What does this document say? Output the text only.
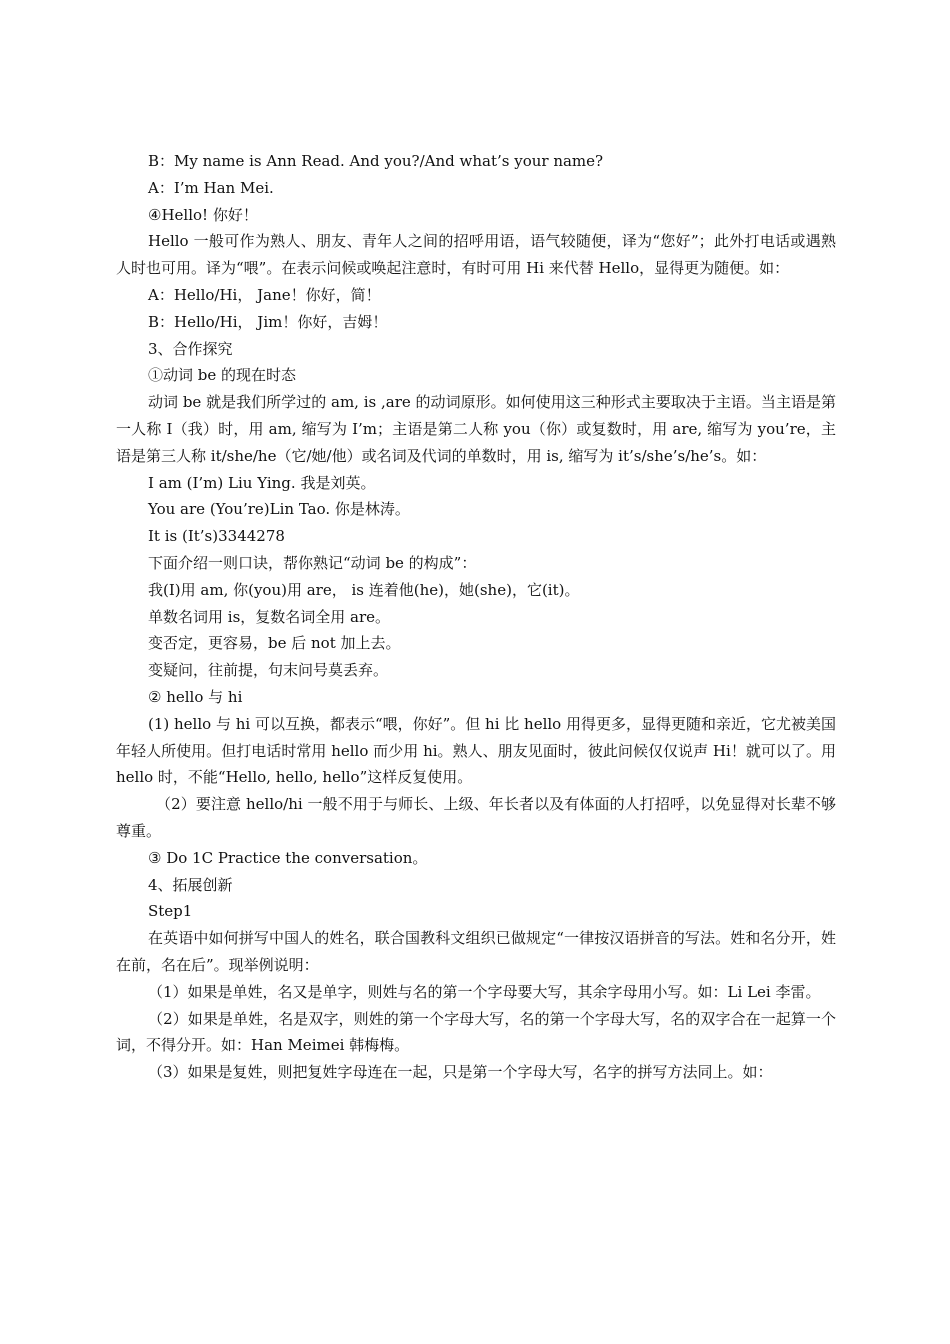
B：My name is Ann Read. And you?/And what’s your name?

A：I’m Han Mei.

④Hello! 你好！

Hello 一般可作为熟人、朋友、青年人之间的招呼用语，语气较随便，译为“您好”；此外打电话或遇熟人时也可用。译为“喂”。在表示问候或唤起注意时，有时可用 Hi 来代替 Hello，显得更为随便。如：

A：Hello/Hi， Jane！你好，简！

B：Hello/Hi， Jim！你好，吉姆！

3、合作探究

①动词 be 的现在时态

动词 be 就是我们所学过的 am, is ,are 的动词原形。如何使用这三种形式主要取决于主语。当主语是第一人称 I（我）时，用 am, 缩写为 I’m；主语是第二人称 you（你）或复数时，用 are, 缩写为 you’re，主语是第三人称 it/she/he（它/她/他）或名词及代词的单数时，用 is, 缩写为 it’s/she’s/he’s。如：

I am (I’m) Liu Ying. 我是刘英。

You are (You’re)Lin Tao. 你是林涛。

It is (It’s)3344278

下面介绍一则口诀，帮你熟记“动词 be 的构成”：

我(I)用 am, 你(you)用 are， is 连着他(he)，她(she)，它(it)。

单数名词用 is，复数名词全用 are。

变否定，更容易，be 后 not 加上去。

变疑问，往前提，句末问号莫丢弃。

② hello 与 hi

(1) hello 与 hi 可以互换，都表示“喂，你好”。但 hi 比 hello 用得更多，显得更随和亲近，它尤被美国年轻人所使用。但打电话时常用 hello 而少用 hi。熟人、朋友见面时，彼此问候仅仅说声 Hi！就可以了。用 hello 时，不能“Hello, hello, hello”这样反复使用。

（2）要注意 hello/hi 一般不用于与师长、上级、年长者以及有体面的人打招呼，以免显得对长辈不够尊重。

③ Do 1C Practice the conversation。

4、拓展创新

Step1

在英语中如何拼写中国人的姓名，联合国教科文组织已做规定“一律按汉语拼音的写法。姓和名分开，姓在前，名在后”。现举例说明：

（1）如果是单姓，名又是单字，则姓与名的第一个字母要大写，其余字母用小写。如：Li Lei 李雷。

（2）如果是单姓，名是双字，则姓的第一个字母大写，名的第一个字母大写，名的双字合在一起算一个词，不得分开。如：Han Meimei 韩梅梅。

（3）如果是复姓，则把复姓字母连在一起，只是第一个字母大写，名字的拼写方法同上。如：
